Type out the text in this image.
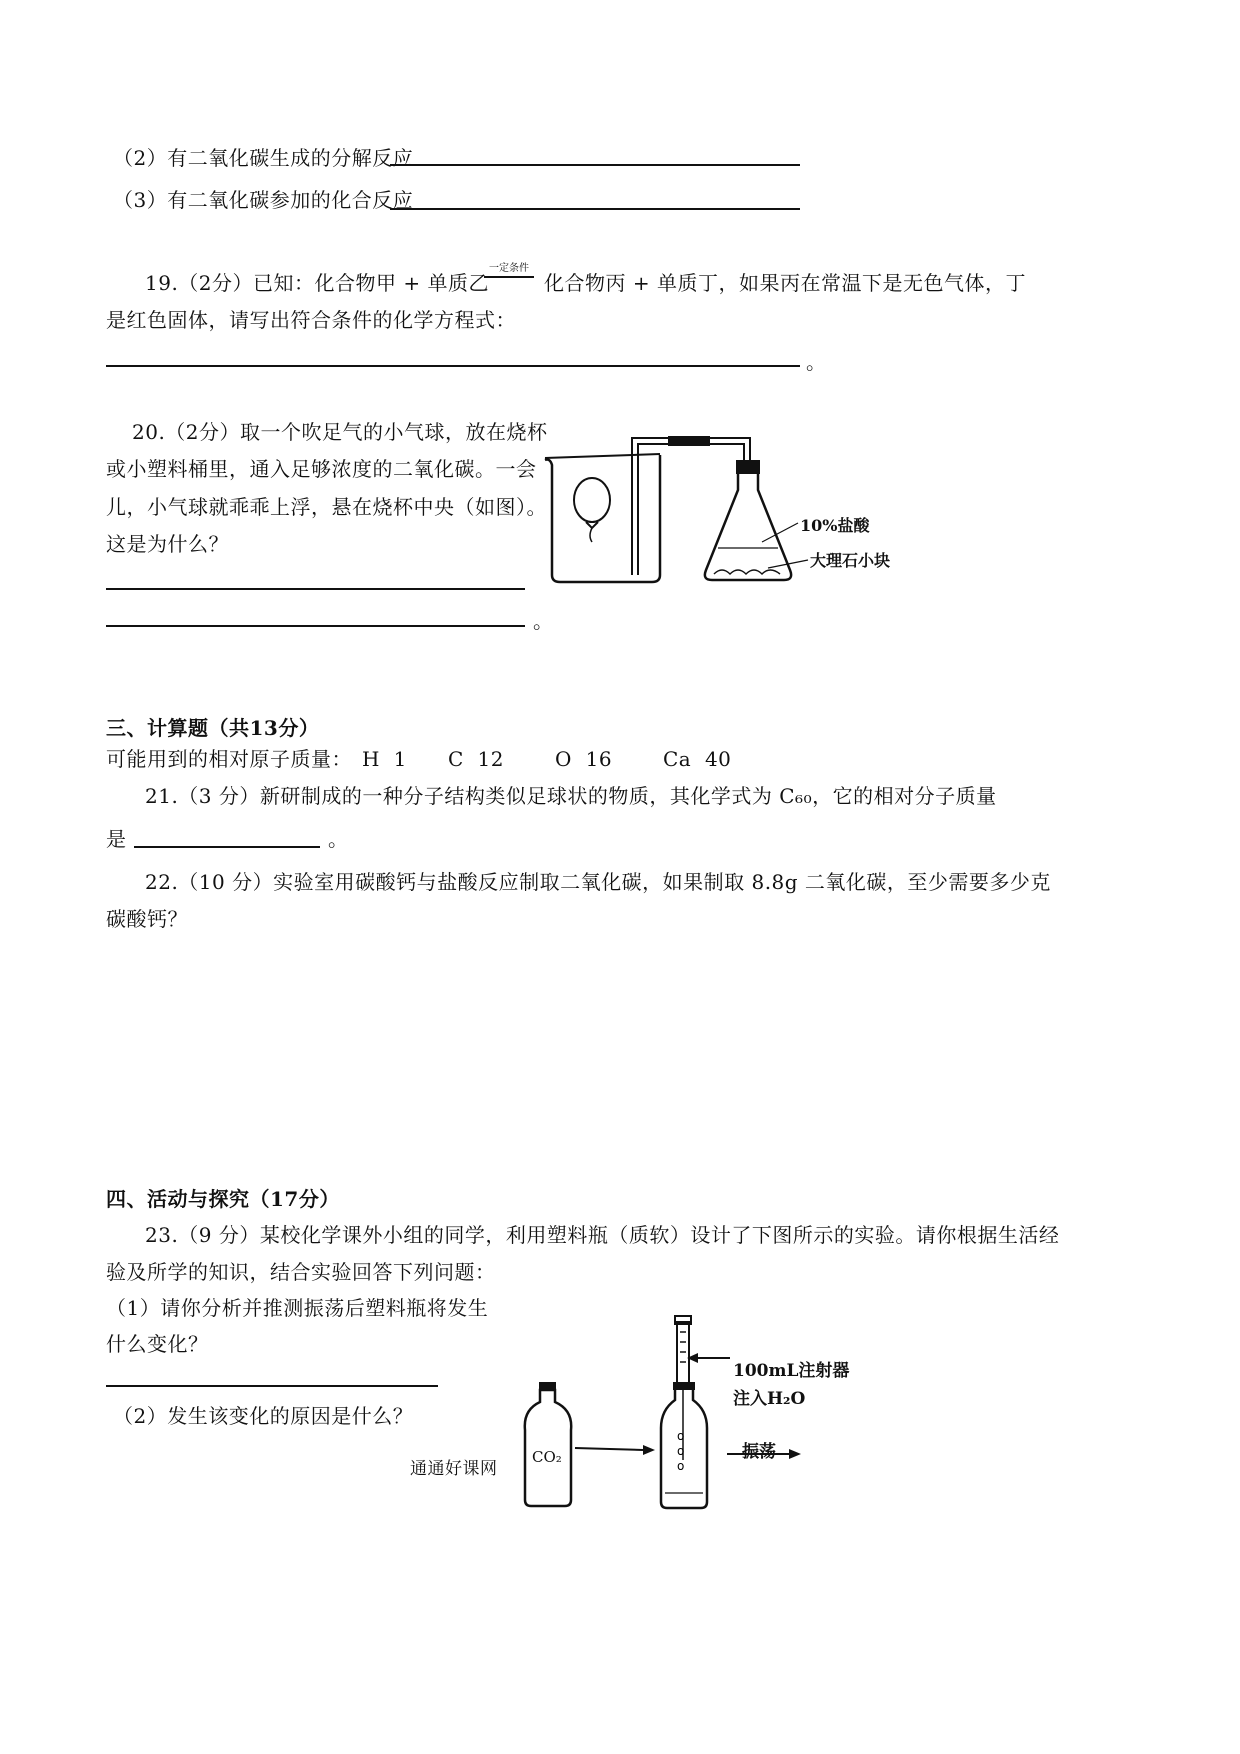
（2）有二氧化碳生成的分解反应
（3）有二氧化碳参加的化合反应
19.（2分）已知：化合物甲 + 单质乙
一定条件
化合物丙 + 单质丁，如果丙在常温下是无色气体，丁
是红色固体，请写出符合条件的化学方程式：
。
20.（2分）取一个吹足气的小气球，放在烧杯
或小塑料桶里，通入足够浓度的二氧化碳。一会
儿，小气球就乖乖上浮，悬在烧杯中央（如图）。
这是为什么？
。
10%盐酸
大理石小块
三、计算题（共13分）
可能用到的相对原子质量： H  1 C  12	O  16	Ca  40
21.（3 分）新研制成的一种分子结构类似足球状的物质，其化学式为 C₆₀，它的相对分子质量
是	。
22.（10 分）实验室用碳酸钙与盐酸反应制取二氧化碳，如果制取 8.8g 二氧化碳，至少需要多少克
碳酸钙？
四、活动与探究（17分）
23.（9 分）某校化学课外小组的同学，利用塑料瓶（质软）设计了下图所示的实验。请你根据生活经
验及所学的知识，结合实验回答下列问题：
（1）请你分析并推测振荡后塑料瓶将发生
什么变化？
（2）发生该变化的原因是什么？
o
o
o
CO₂
100mL注射器
注入H₂O
振荡
通通好课网
